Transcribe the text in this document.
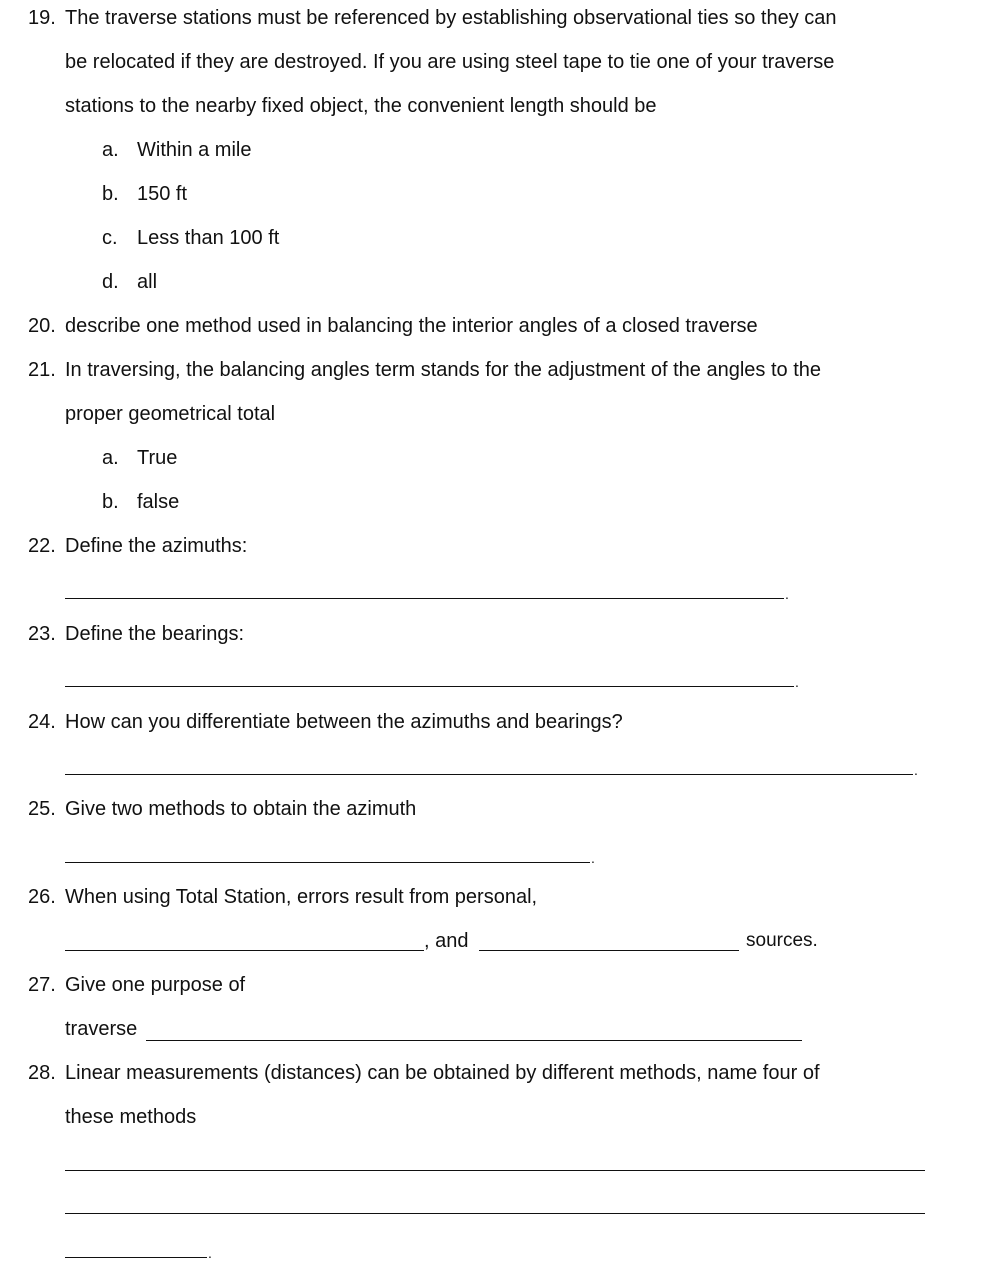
19. The traverse stations must be referenced by establishing observational ties so they can
be relocated if they are destroyed. If you are using steel tape to tie one of your traverse
stations to the nearby fixed object, the convenient length should be
a. Within a mile
b. 150 ft
c. Less than 100 ft
d. all
20. describe one method used in balancing the interior angles of a closed traverse
21. In traversing, the balancing angles term stands for the adjustment of the angles to the
proper geometrical total
a. True
b. false
22. Define the azimuths:
.
23. Define the bearings:
.
24. How can you differentiate between the azimuths and bearings?
.
25. Give two methods to obtain the azimuth
.
26. When using Total Station, errors result from personal,
, and	sources.
27. Give one purpose of
traverse
28. Linear measurements (distances) can be obtained by different methods, name four of
these methods
.
